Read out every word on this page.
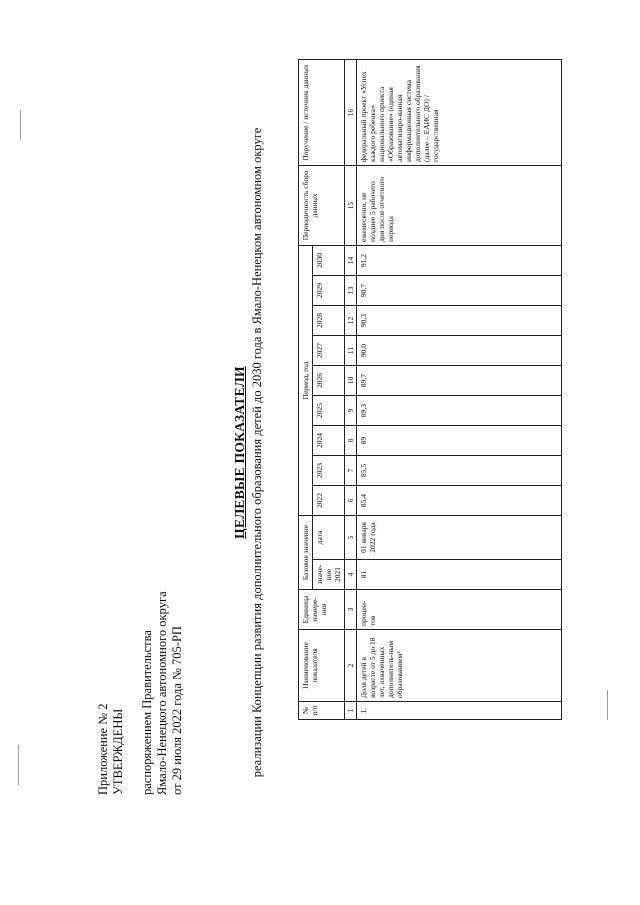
Приложение № 2 УТВЕРЖДЕНЫ распоряжением Правительства Ямало-Ненецкого автономного округа от 29 июля 2022 года № 705-РП
ЦЕЛЕВЫЕ ПОКАЗАТЕЛИ реализации Концепции развития дополнительного образования детей до 2030 года в Ямало-Ненецком автономном округе	№ п/п	Наименование показателя	Единица измере-ния	Базовое значение		Период, год									Периодичность сбора данных	Поручение / источник данных
			значе-ние 2021	дата	2022	2023	2024	2025	2026	2027	2028	2029	2030		
1	2	3	4	5	6	7	8	9	10	11	12	13	14	15	16
1.	Доля детей в возрасте от 5 до 18 лет, охваченных дополнитель-ным образованием¹	процен-тов	81	01 января 2022 года	85,4	85,5	89	89,3	89,7	90,0	90,3	90,7	91,2	ежемесячно, не позднее 5 рабочего дня после отчетного периода	федеральный проект «Успех каждого ребенка» национального проекта «Образование» (единая автоматизиро-ванная информационная система дополнительного образования (далее – ЕАИС ДО) / государственная
